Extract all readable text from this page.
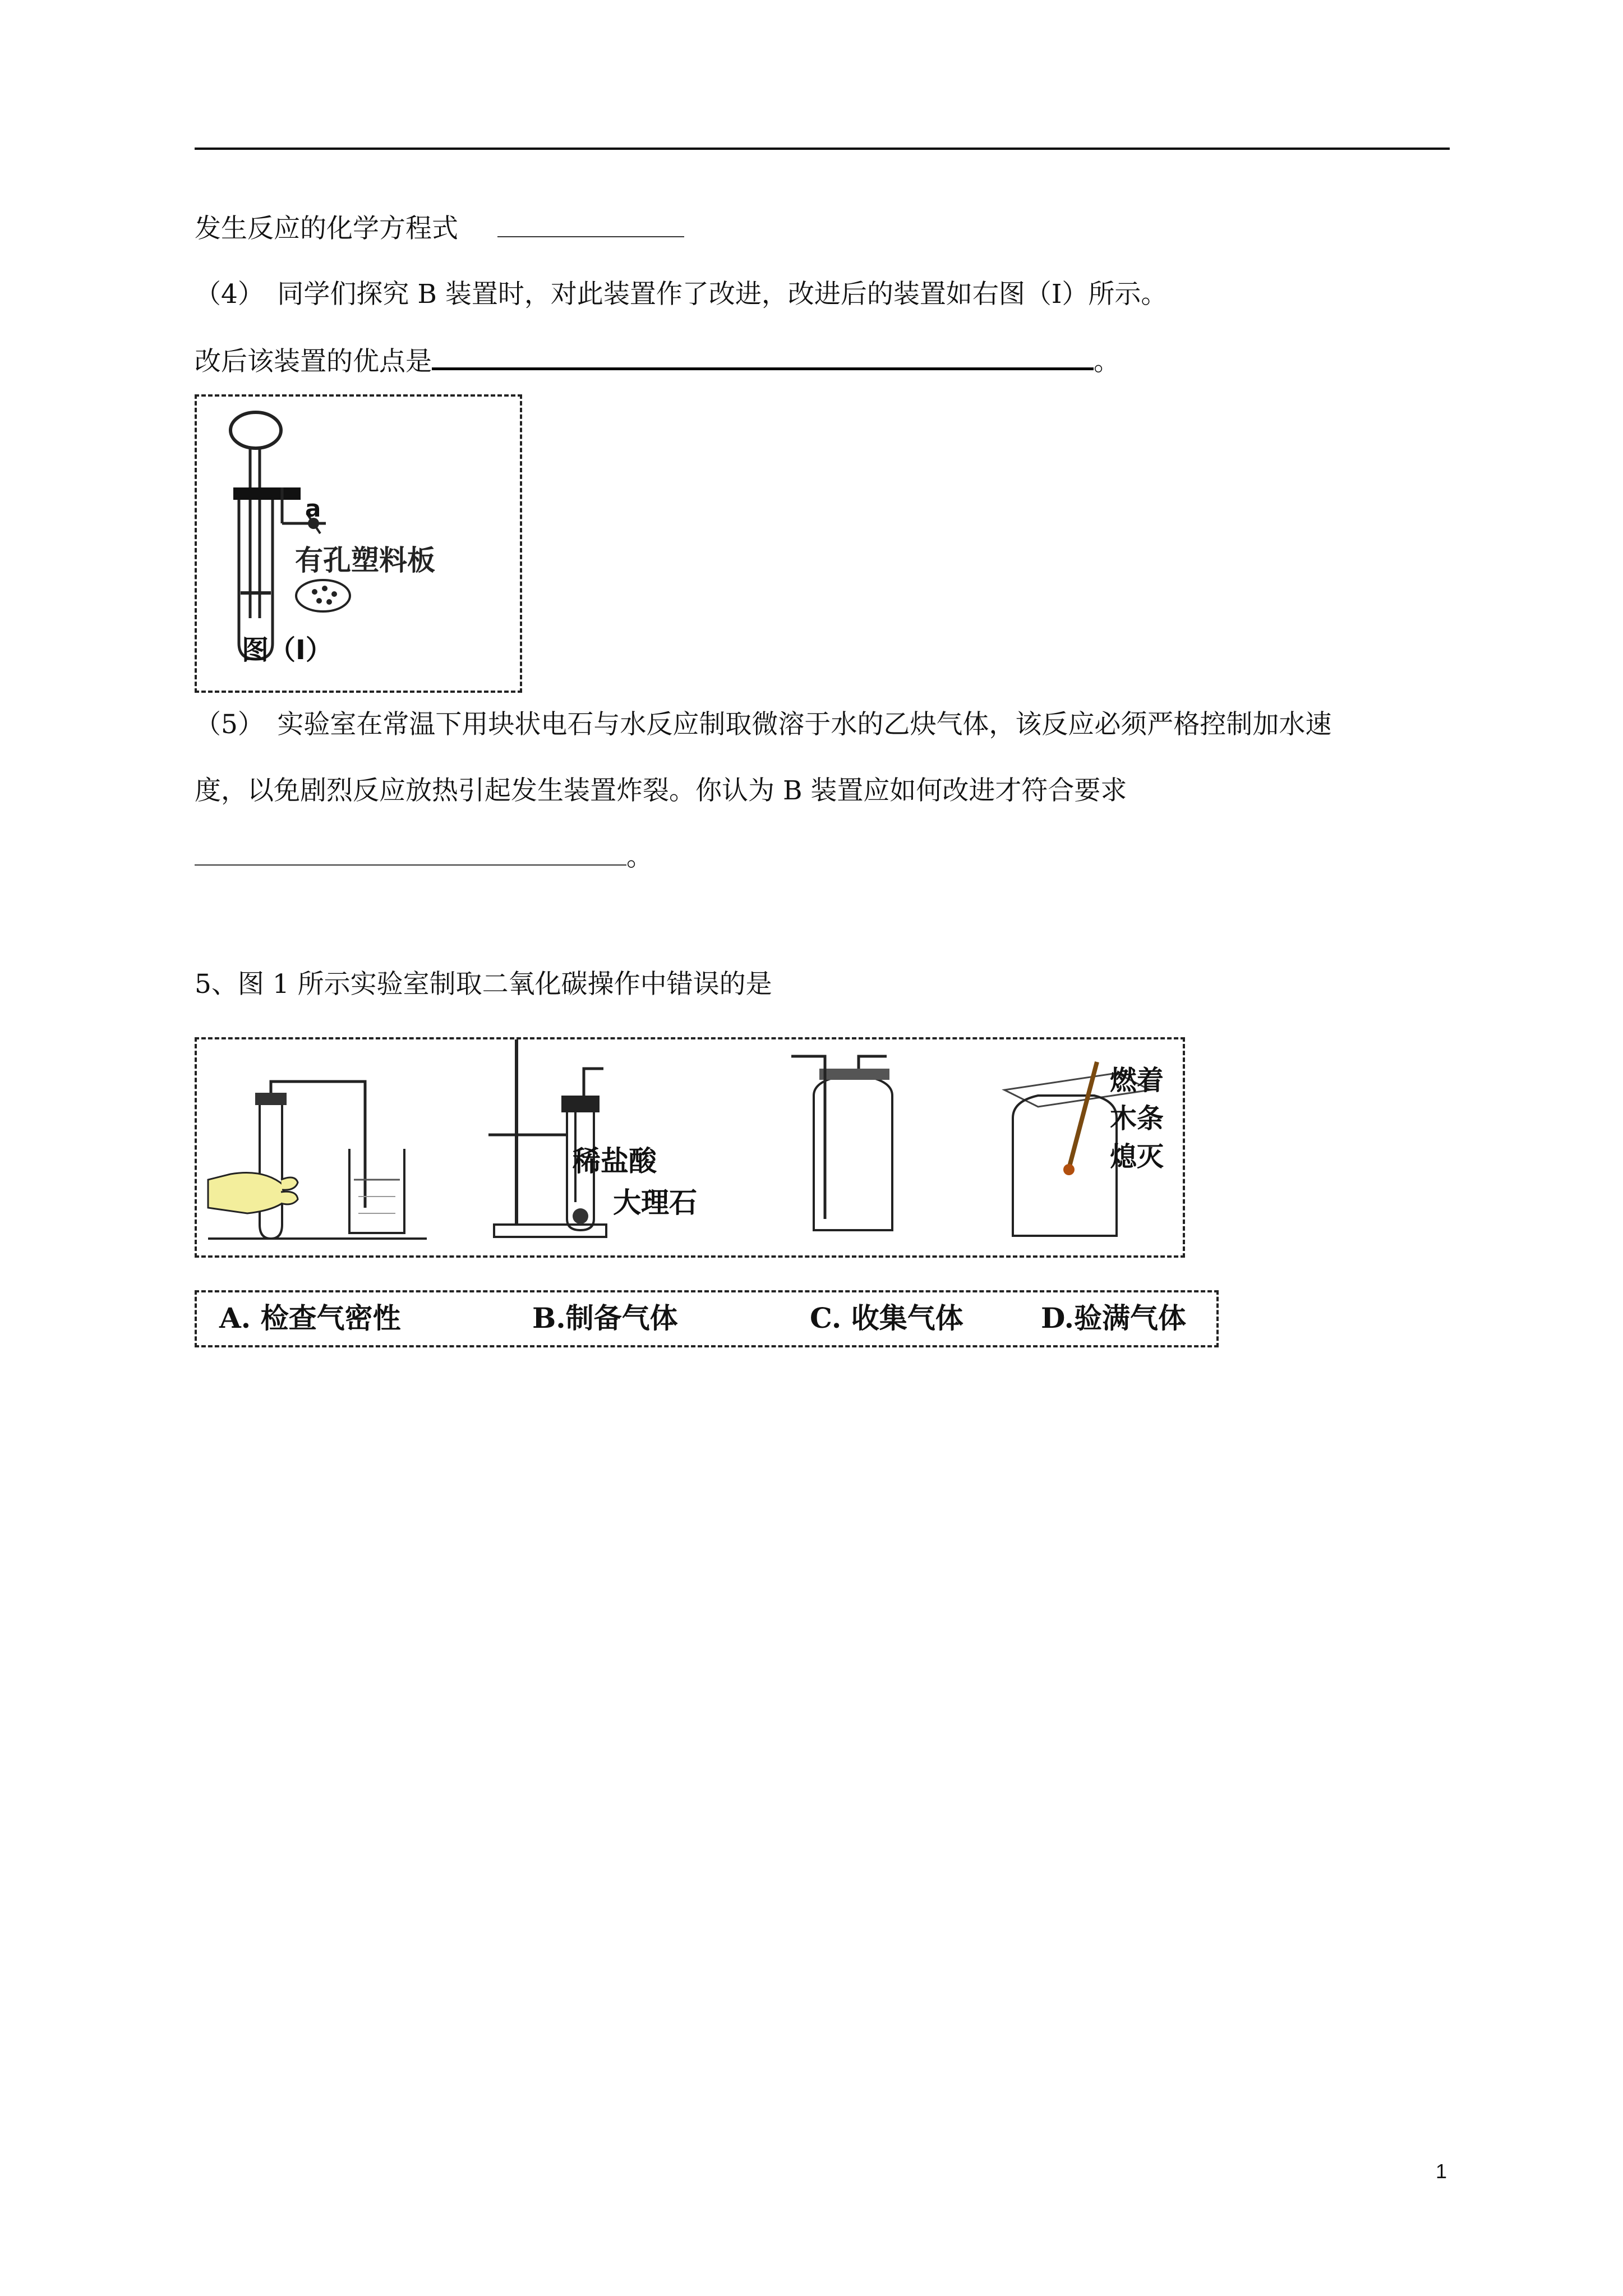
发生反应的化学方程式
（4）　同学们探究 B 装置时，对此装置作了改进，改进后的装置如右图（Ⅰ）所示。
改后该装置的优点是	。
a
有孔塑料板
图（Ⅰ）
（5）　实验室在常温下用块状电石与水反应制取微溶于水的乙炔气体，该反应必须严格控制加水速
度，以免剧烈反应放热引起发生装置炸裂。你认为 B 装置应如何改进才符合要求
。
5、图 1 所示实验室制取二氧化碳操作中错误的是
稀盐酸
大理石
燃着
木条
熄灭
A. 检查气密性	B.制备气体	C. 收集气体	D.验满气体
1
